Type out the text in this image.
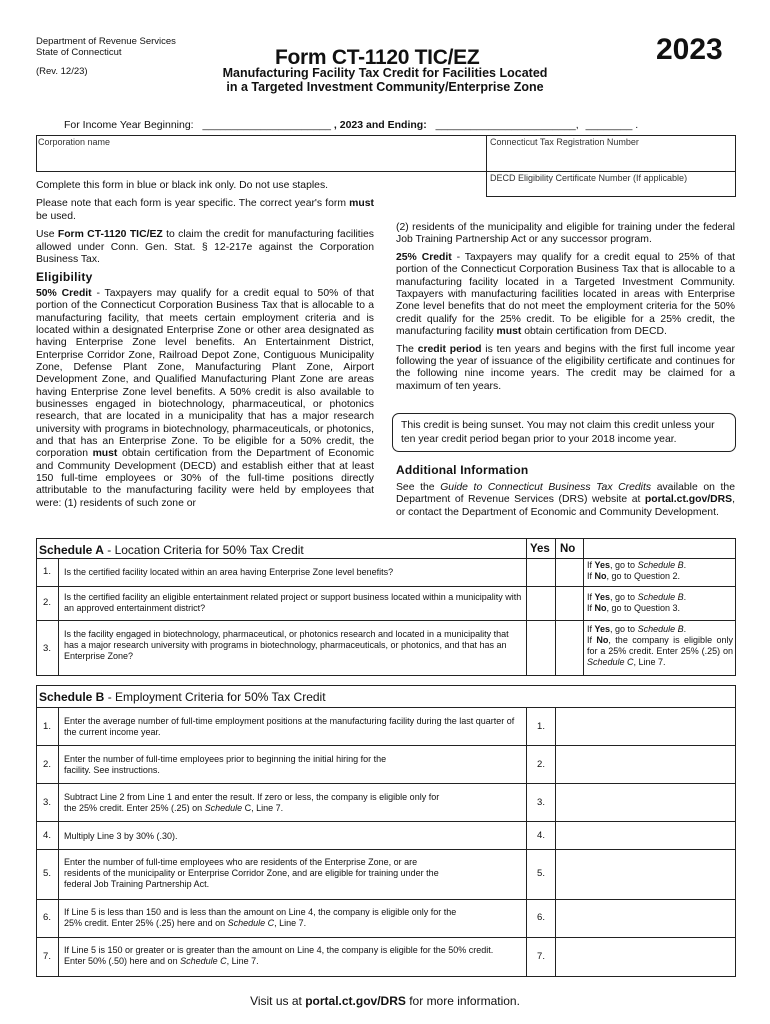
Department of Revenue Services
State of Connecticut
(Rev. 12/23)
Form CT-1120 TIC/EZ	2023
Manufacturing Facility Tax Credit for Facilities Located
in a Targeted Investment Community/Enterprise Zone
For Income Year Beginning: ______________________ , 2023 and Ending: ________________________, ________ .
Corporation name	Connecticut Tax Registration Number
DECD Eligibility Certificate Number (If applicable)
Complete this form in blue or black ink only. Do not use staples.
Please note that each form is year specific. The correct year's form must be used.
Use Form CT-1120 TIC/EZ to claim the credit for manufacturing facilities allowed under Conn. Gen. Stat. § 12-217e against the Corporation Business Tax.
Eligibility
50% Credit - Taxpayers may qualify for a credit equal to 50% of that portion of the Connecticut Corporation Business Tax that is allocable to a manufacturing facility, that meets certain employment criteria and is located within a designated Enterprise Zone or other area designated as having Enterprise Zone level benefits. An Entertainment District, Enterprise Corridor Zone, Railroad Depot Zone, Contiguous Municipality Zone, Defense Plant Zone, Manufacturing Plant Zone, Airport Development Zone, and Qualified Manufacturing Plant Zone are areas having Enterprise Zone level benefits. A 50% credit is also available to businesses engaged in biotechnology, pharmaceutical, or photonics research, that are located in a municipality that has a major research university with programs in biotechnology, pharmaceuticals, or photonics, and that has an Enterprise Zone. To be eligible for a 50% credit, the corporation must obtain certification from the Department of Economic and Community Development (DECD) and establish either that at least 150 full-time employees or 30% of the full-time positions directly attributable to the manufacturing facility were held by employees that were: (1) residents of such zone or
(2) residents of the municipality and eligible for training under the federal Job Training Partnership Act or any successor program.
25% Credit - Taxpayers may qualify for a credit equal to 25% of that portion of the Connecticut Corporation Business Tax that is allocable to a manufacturing facility located in a Targeted Investment Community. Taxpayers with manufacturing facilities located in areas with Enterprise Zone level benefits that do not meet the employment criteria for the 50% credit qualify for the 25% credit. To be eligible for a 25% credit, the manufacturing facility must obtain certification from DECD.
The credit period is ten years and begins with the first full income year following the year of issuance of the eligibility certificate and continues for the following nine income years. The credit may be claimed for a maximum of ten years.
This credit is being sunset. You may not claim this credit unless your ten year credit period began prior to your 2018 income year.
Additional Information
See the Guide to Connecticut Business Tax Credits available on the Department of Revenue Services (DRS) website at portal.ct.gov/DRS, or contact the Department of Economic and Community Development.
Schedule A - Location Criteria for 50% Tax Credit	Yes No
1.	Is the certified facility located within an area having Enterprise Zone level benefits?
If Yes, go to Schedule B.
If No, go to Question 2.
2.	Is the certified facility an eligible entertainment related project or support business located within a municipality with an approved entertainment district?
If Yes, go to Schedule B.
If No, go to Question 3.
3.
Is the facility engaged in biotechnology, pharmaceutical, or photonics research and located in a municipality that has a major research university with programs in biotechnology, pharmaceuticals, or photonics, and that has an Enterprise Zone?
If Yes, go to Schedule B.
If No, the company is eligible only for a 25% credit. Enter 25% (.25) on Schedule C, Line 7.
Schedule B - Employment Criteria for 50% Tax Credit
1.	Enter the average number of full-time employment positions at the manufacturing facility during the last quarter of the current income year.	1.
2.	Enter the number of full-time employees prior to beginning the initial hiring for the facility. See instructions.	2.
3.	Subtract Line 2 from Line 1 and enter the result. If zero or less, the company is eligible only for the 25% credit. Enter 25% (.25) on Schedule C, Line 7.	3.
4.	Multiply Line 3 by 30% (.30).	4.
5.
Enter the number of full-time employees who are residents of the Enterprise Zone, or are residents of the municipality or Enterprise Corridor Zone, and are eligible for training under the federal Job Training Partnership Act.
5.
6.	If Line 5 is less than 150 and is less than the amount on Line 4, the company is eligible only for the 25% credit. Enter 25% (.25) here and on Schedule C, Line 7.	6.
7.
If Line 5 is 150 or greater or is greater than the amount on Line 4, the company is eligible for the 50% credit. Enter 50% (.50) here and on Schedule C, Line 7.	7.
Visit us at portal.ct.gov/DRS for more information.
